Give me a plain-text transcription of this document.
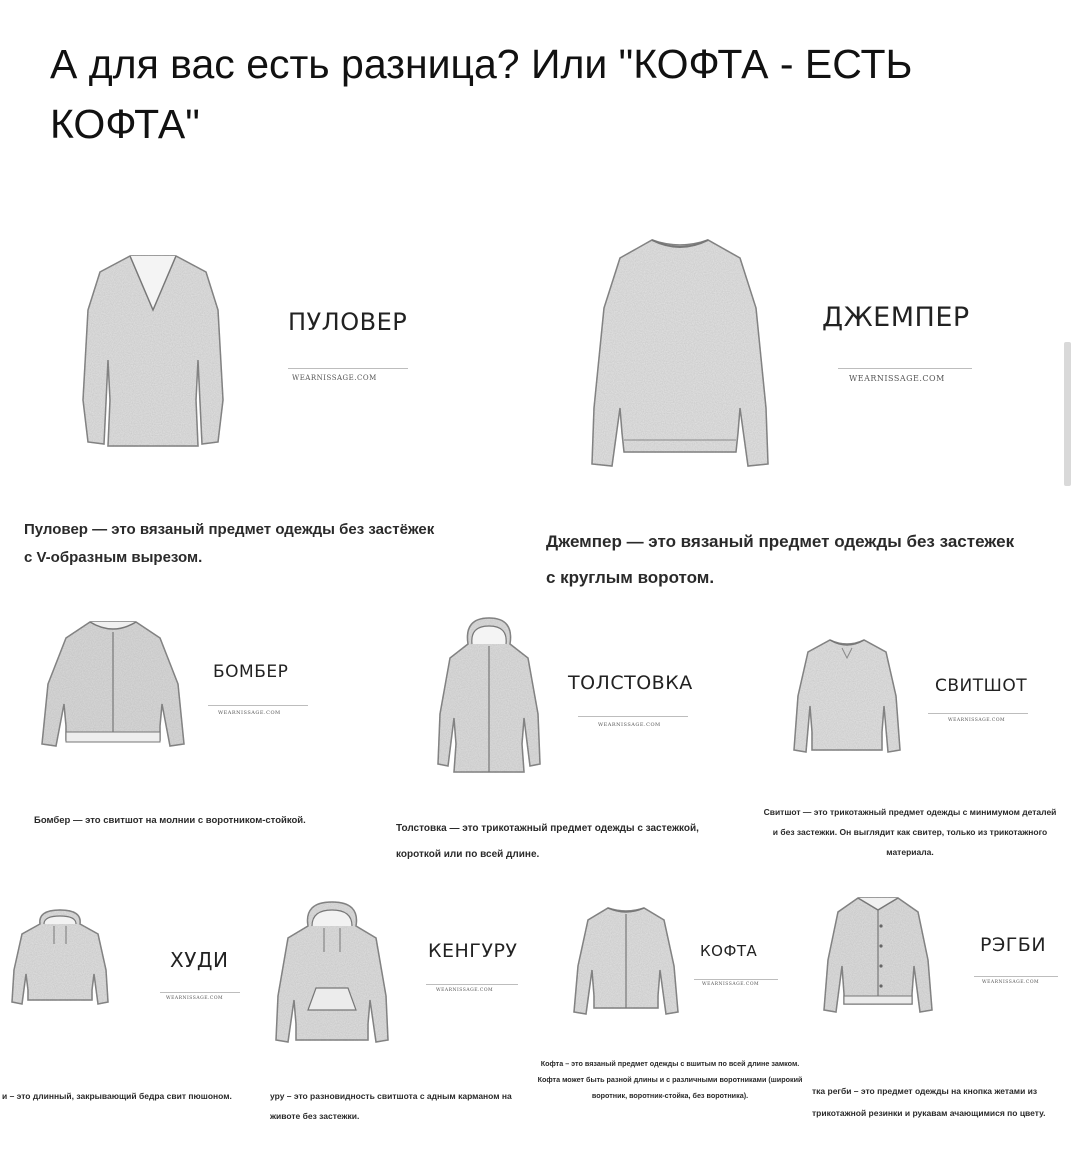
А для вас есть разница? Или "КОФТА - ЕСТЬ КОФТА"
ПУЛОВЕР
WEARNISSAGE.COM
Пуловер — это вязаный предмет одежды без застёжек с V-образным вырезом.
ДЖЕМПЕР
WEARNISSAGE.COM
Джемпер — это вязаный предмет одежды без застежек с круглым воротом.
БОМБЕР
WEARNISSAGE.COM
Бомбер — это свитшот на молнии с воротником-стойкой.
ТОЛСТОВКА
WEARNISSAGE.COM
Толстовка — это трикотажный предмет одежды с застежкой, короткой или по всей длине.
СВИТШОТ
WEARNISSAGE.COM
Свитшот — это трикотажный предмет одежды с минимумом деталей и без застежки. Он выглядит как свитер, только из трикотажного материала.
ХУДИ
WEARNISSAGE.COM
и – это длинный, закрывающий бедра свит пюшоном.
КЕНГУРУ
WEARNISSAGE.COM
уру – это разновидность свитшота с адным карманом на животе без застежки.
КОФТА
WEARNISSAGE.COM
Кофта – это вязаный предмет одежды с вшитым по всей длине замком. Кофта может быть разной длины и с различными воротниками (широкий воротник, воротник-стойка, без воротника).
РЭГБИ
WEARNISSAGE.COM
тка регби – это предмет одежды на кнопка жетами из трикотажной резинки и рукавам ачающимися по цвету.
